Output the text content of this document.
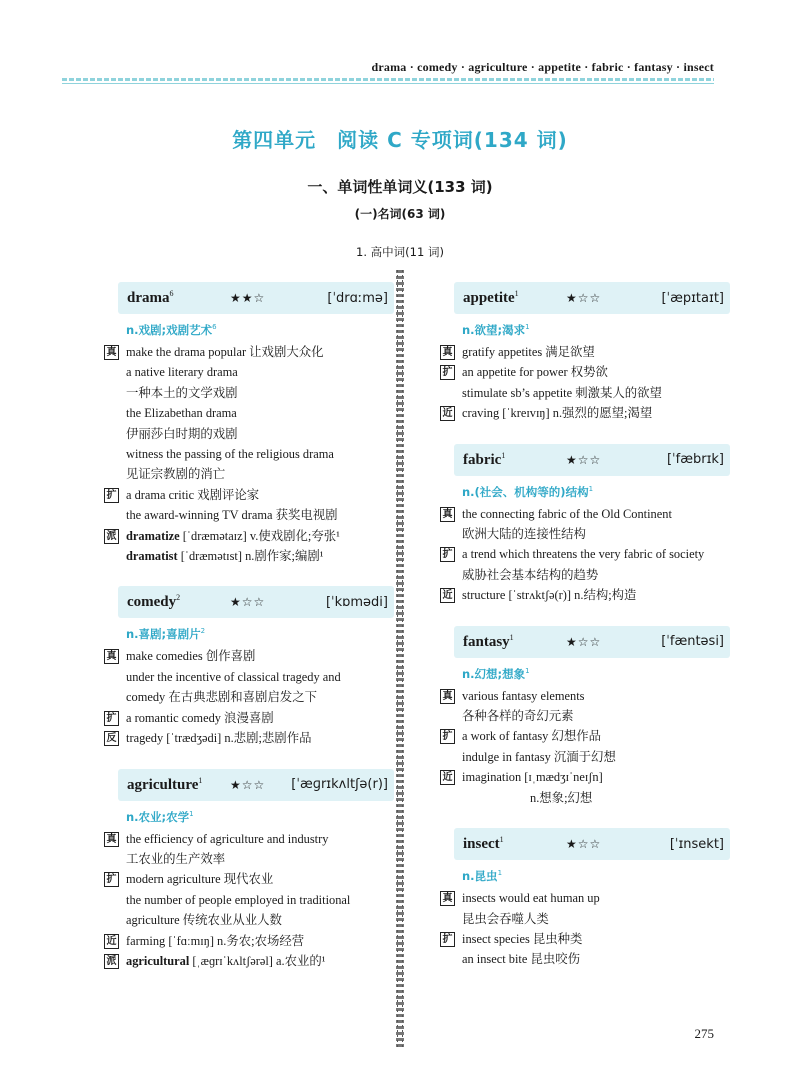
drama · comedy · agriculture · appetite · fabric · fantasy · insect
第四单元　阅读 C 专项词(134 词)
一、单词性单词义(133 词)
(一)名词(63 词)
1. 高中词(11 词)
drama$^6$	★★☆	[ˈdrɑːmə]
n.戏剧;戏剧艺术$^6$
真 make the drama popular 让戏剧大众化
a native literary drama
一种本土的文学戏剧
the Elizabethan drama
伊丽莎白时期的戏剧
witness the passing of the religious drama
见证宗教剧的消亡
扩 a drama critic 戏剧评论家
the award-winning TV drama 获奖电视剧
派 dramatize [ˈdræmətaɪz] v.使戏剧化;夸张¹
dramatist [ˈdræmətɪst] n.剧作家;编剧¹
comedy$^2$	★☆☆	[ˈkɒmədi]
n.喜剧;喜剧片$^2$
真 make comedies 创作喜剧
under the incentive of classical tragedy and
comedy 在古典悲剧和喜剧启发之下
扩 a romantic comedy 浪漫喜剧
反 tragedy [ˈtrædʒədi] n.悲剧;悲剧作品
agriculture$^1$ ★☆☆ [ˈæɡrɪkʌltʃə(r)]
n.农业;农学$^1$
真 the efficiency of agriculture and industry
工农业的生产效率
扩 modern agriculture 现代农业
the number of people employed in traditional
agriculture 传统农业从业人数
近 farming [ˈfɑːmɪŋ] n.务农;农场经营
派 agricultural [ˌæɡrɪˈkʌltʃərəl] a.农业的¹
appetite$^1$	★☆☆	[ˈæpɪtaɪt]
n.欲望;渴求$^1$
真 gratify appetites 满足欲望
扩 an appetite for power 权势欲
stimulate sb’s appetite 刺激某人的欲望
近 craving [ˈkreɪvɪŋ] n.强烈的愿望;渴望
fabric$^1$	★☆☆	[ˈfæbrɪk]
n.(社会、机构等的)结构$^1$
真 the connecting fabric of the Old Continent
欧洲大陆的连接性结构
扩 a trend which threatens the very fabric of society
威胁社会基本结构的趋势
近 structure [ˈstrʌktʃə(r)] n.结构;构造
fantasy$^1$	★☆☆	[ˈfæntəsi]
n.幻想;想象$^1$
真 various fantasy elements
各种各样的奇幻元素
扩 a work of fantasy 幻想作品
indulge in fantasy 沉湎于幻想
近 imagination [ɪˌmædʒɪˈneɪʃn]
n.想象;幻想
insect$^1$	★☆☆	[ˈɪnsekt]
n.昆虫$^1$
真 insects would eat human up
昆虫会吞噬人类
扩 insect species 昆虫种类
an insect bite 昆虫咬伤
275
